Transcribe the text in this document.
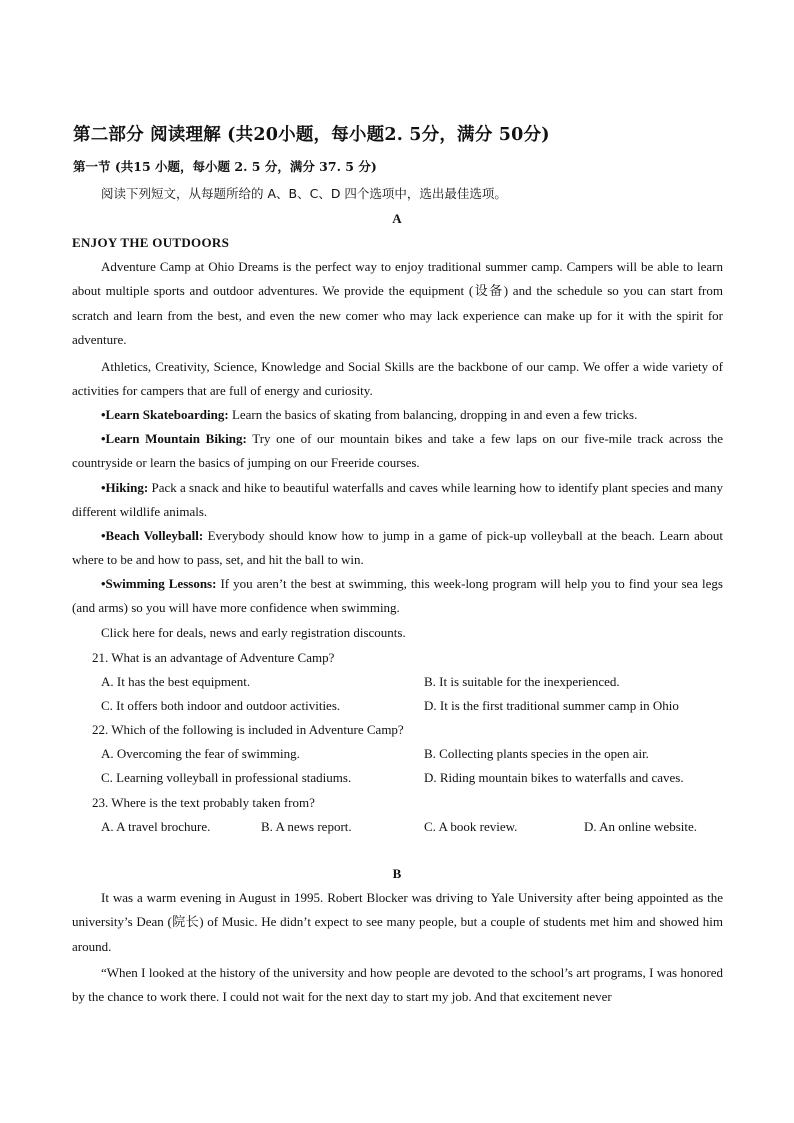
第二部分 阅读理解 (共20小题，每小题2. 5分，满分 50分)
第一节 (共15 小题，每小题 2. 5 分，满分 37. 5 分)
阅读下列短文，从每题所给的 A、B、C、D 四个选项中，选出最佳选项。
A
ENJOY THE OUTDOORS

Adventure Camp at Ohio Dreams is the perfect way to enjoy traditional summer camp. Campers will be able to learn about multiple sports and outdoor adventures. We provide the equipment (设备) and the schedule so you can start from scratch and learn from the best, and even the new comer who may lack experience can make up for it with the spirit for adventure.

Athletics, Creativity, Science, Knowledge and Social Skills are the backbone of our camp. We offer a wide variety of activities for campers that are full of energy and curiosity.

•Learn Skateboarding: Learn the basics of skating from balancing, dropping in and even a few tricks.

•Learn Mountain Biking: Try one of our mountain bikes and take a few laps on our five-mile track across the countryside or learn the basics of jumping on our Freeride courses.

•Hiking: Pack a snack and hike to beautiful waterfalls and caves while learning how to identify plant species and many different wildlife animals.

•Beach Volleyball: Everybody should know how to jump in a game of pick-up volleyball at the beach. Learn about where to be and how to pass, set, and hit the ball to win.

•Swimming Lessons: If you aren’t the best at swimming, this week-long program will help you to find your sea legs (and arms) so you will have more confidence when swimming.

Click here for deals, news and early registration discounts.

21. What is an advantage of Adventure Camp?
A. It has the best equipment.	B. It is suitable for the inexperienced.
C. It offers both indoor and outdoor activities.	D. It is the first traditional summer camp in Ohio
22. Which of the following is included in Adventure Camp?
A. Overcoming the fear of swimming.	B. Collecting plants species in the open air.
C. Learning volleyball in professional stadiums.	D. Riding mountain bikes to waterfalls and caves.
23. Where is the text probably taken from?
A. A travel brochure.	B. A news report.	C. A book review.	D. An online website.
B

It was a warm evening in August in 1995. Robert Blocker was driving to Yale University after being appointed as the university’s Dean (院长) of Music. He didn’t expect to see many people, but a couple of students met him and showed him around.

“When I looked at the history of the university and how people are devoted to the school’s art programs, I was honored by the chance to work there. I could not wait for the next day to start my job. And that excitement never
